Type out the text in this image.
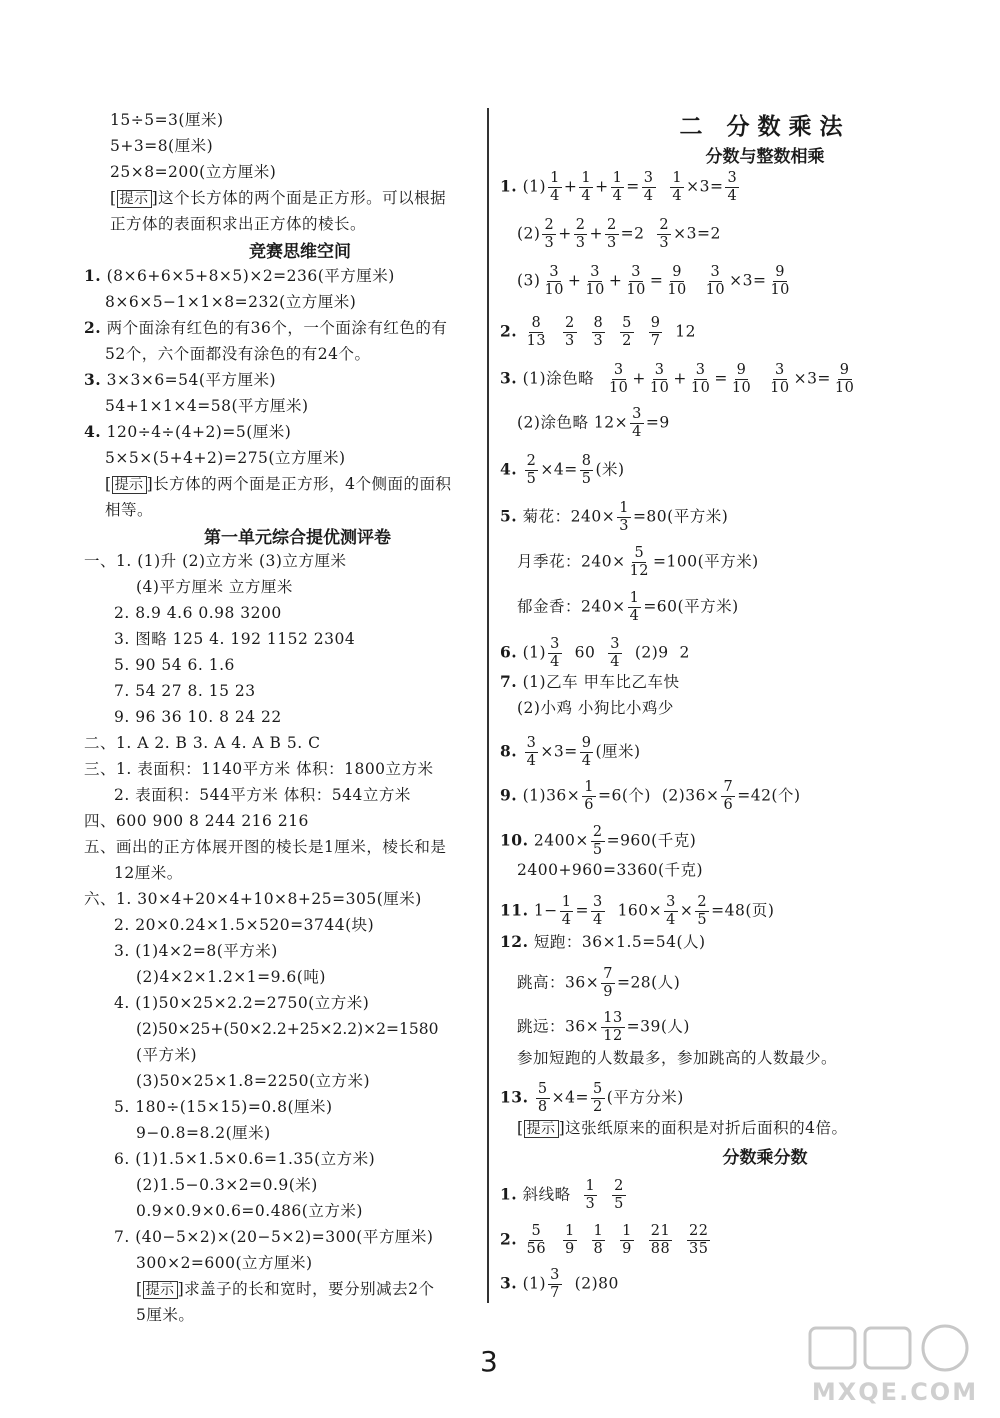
15÷5=3(厘米)
5+3=8(厘米)
25×8=200(立方厘米)
[ 提示 ]这个长方体的两个面是正方形。可以根据
正方体的表面积求出正方体的棱长。
竞赛思维空间
1. (8×6+6×5+8×5)×2=236(平方厘米)
8×6×5−1×1×8=232(立方厘米)
2. 两个面涂有红色的有36个，一个面涂有红色的有
52个，六个面都没有涂色的有24个。
3. 3×3×6=54(平方厘米)
54+1×1×4=58(平方厘米)
4. 120÷4÷(4+2)=5(厘米)
5×5×(5+4+2)=275(立方厘米)
[ 提示 ]长方体的两个面是正方形，4个侧面的面积
相等。
第一单元综合提优测评卷
一、1. (1)升 (2)立方米 (3)立方厘米
(4)平方厘米 立方厘米
2. 8.9 4.6 0.98 3200
3. 图略 125 4. 192 1152 2304
5. 90 54 6. 1.6
7. 54 27 8. 15 23
9. 96 36 10. 8 24 22
二、1. A 2. B 3. A 4. A B 5. C
三、1. 表面积：1140平方米 体积：1800立方米
2. 表面积：544平方米 体积：544立方米
四、600 900 8 244 216 216
五、画出的正方体展开图的棱长是1厘米，棱长和是
12厘米。
六、1. 30×4+20×4+10×8+25=305(厘米)
2. 20×0.24×1.5×520=3744(块)
3. (1)4×2=8(平方米)
(2)4×2×1.2×1=9.6(吨)
4. (1)50×25×2.2=2750(立方米)
(2)50×25+(50×2.2+25×2.2)×2=1580
(平方米)
(3)50×25×1.8=2250(立方米)
5. 180÷(15×15)=0.8(厘米)
9−0.8=8.2(厘米)
6. (1)1.5×1.5×0.6=1.35(立方米)
(2)1.5−0.3×2=0.9(米)
0.9×0.9×0.6=0.486(立方米)
7. (40−5×2)×(20−5×2)=300(平方厘米)
300×2=600(立方厘米)
[ 提示 ]求盖子的长和宽时，要分别减去2个
5厘米。
二 分数乘法
分数与整数相乘
1. $(1) \frac{1}{4} + \frac{1}{4} + \frac{1}{4} = \frac{3}{4}$
$\frac{1}{4} \times 3= \frac{3}{4}$
$(2) \frac{2}{3} + \frac{2}{3} + \frac{2}{3} =2 \frac{2}{3} \times 3=2$
$(3) \frac{3}{10} + \frac{3}{10} + \frac{3}{10} = \frac{9}{10}$
$\frac{3}{10} \times 3= \frac{9}{10}$
2. $\frac{8}{13}$
$\frac{2}{3}$
$\frac{8}{3}$
$\frac{5}{2}$
$\frac{9}{7} 12$
3. (1)涂色略 $\frac{3}{10} + \frac{3}{10} + \frac{3}{10} = \frac{9}{10}$
$\frac{3}{10} \times 3= \frac{9}{10}$
(2)涂色略 $12\times \frac{3}{4} =9$
4. $\frac{2}{5} \times 4= \frac{8}{5}$ (米)
5. 菊花：$240\times \frac{1}{3} =80$(平方米)
月季花：$240\times \frac{5}{12} =100$(平方米)
郁金香：$240\times \frac{1}{4} =60$(平方米)
6. $(1) \frac{3}{4} 60 \frac{3}{4} (2)9$  2
7. (1)乙车 甲车比乙车快
(2)小鸡 小狗比小鸡少
8. $\frac{3}{4} \times 3= \frac{9}{4}$ (厘米)
9. $(1)36\times \frac{1}{6} =6$(个)  $(2)36\times \frac{7}{6} =42$(个)
10. $2400\times \frac{2}{5} =960$(千克)
2400+960=3360(千克)
11. $1- \frac{1}{4} = \frac{3}{4} 160\times \frac{3}{4} \times \frac{2}{5} =48$(页)
12. 短跑：36×1.5=54(人)
跳高：$36\times \frac{7}{9} =28$(人)
跳远：$36\times \frac{13}{12} =39$(人)
参加短跑的人数最多，参加跳高的人数最少。
13. $\frac{5}{8} \times 4= \frac{5}{2}$ (平方分米)
[ 提示 ]这张纸原来的面积是对折后面积的4倍。
分数乘分数
1. 斜线略 $\frac{1}{3}$
$\frac{2}{5}$
2. $\frac{5}{56}$
$\frac{1}{9}$
$\frac{1}{8}$
$\frac{1}{9}$
$\frac{21}{88}$
$\frac{22}{35}$
3. $(1) \frac{3}{7} (2)80$
3
MXQE.COM
